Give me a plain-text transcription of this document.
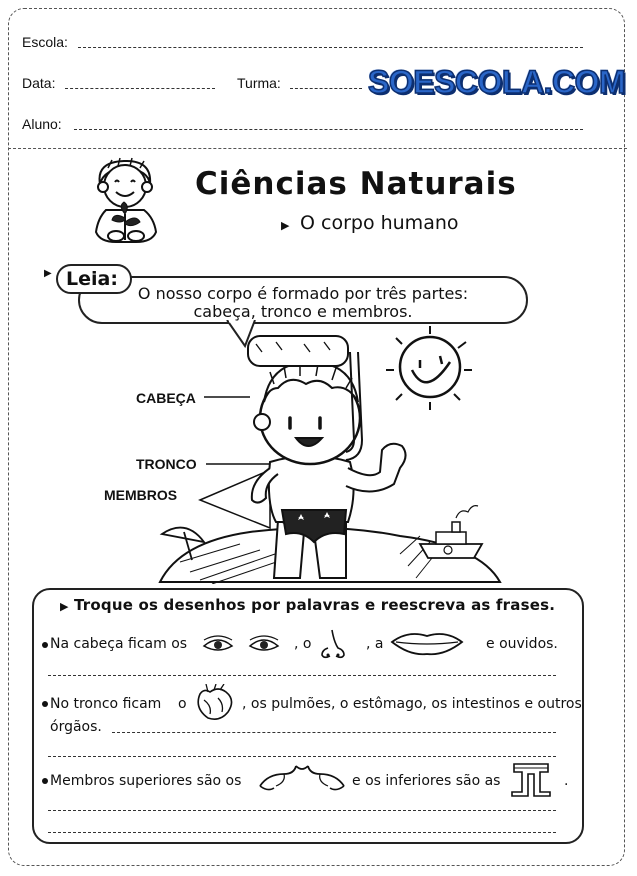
Escola:
Data:	Turma:	SOESCOLA.COM
Aluno:
Ciências Naturais
▶ O corpo humano
Leia:
▶
O nosso corpo é formado por três partes:
cabeça, tronco e membros.
CABEÇA
TRONCO
MEMBROS
▶ Troque os desenhos por palavras e reescreva as frases.
Na cabeça ficam os	, o	, a	e ouvidos.
No tronco ficam o	, os pulmões, o estômago, os intestinos e outros
órgãos.
Membros superiores são os	e os inferiores são as	.
